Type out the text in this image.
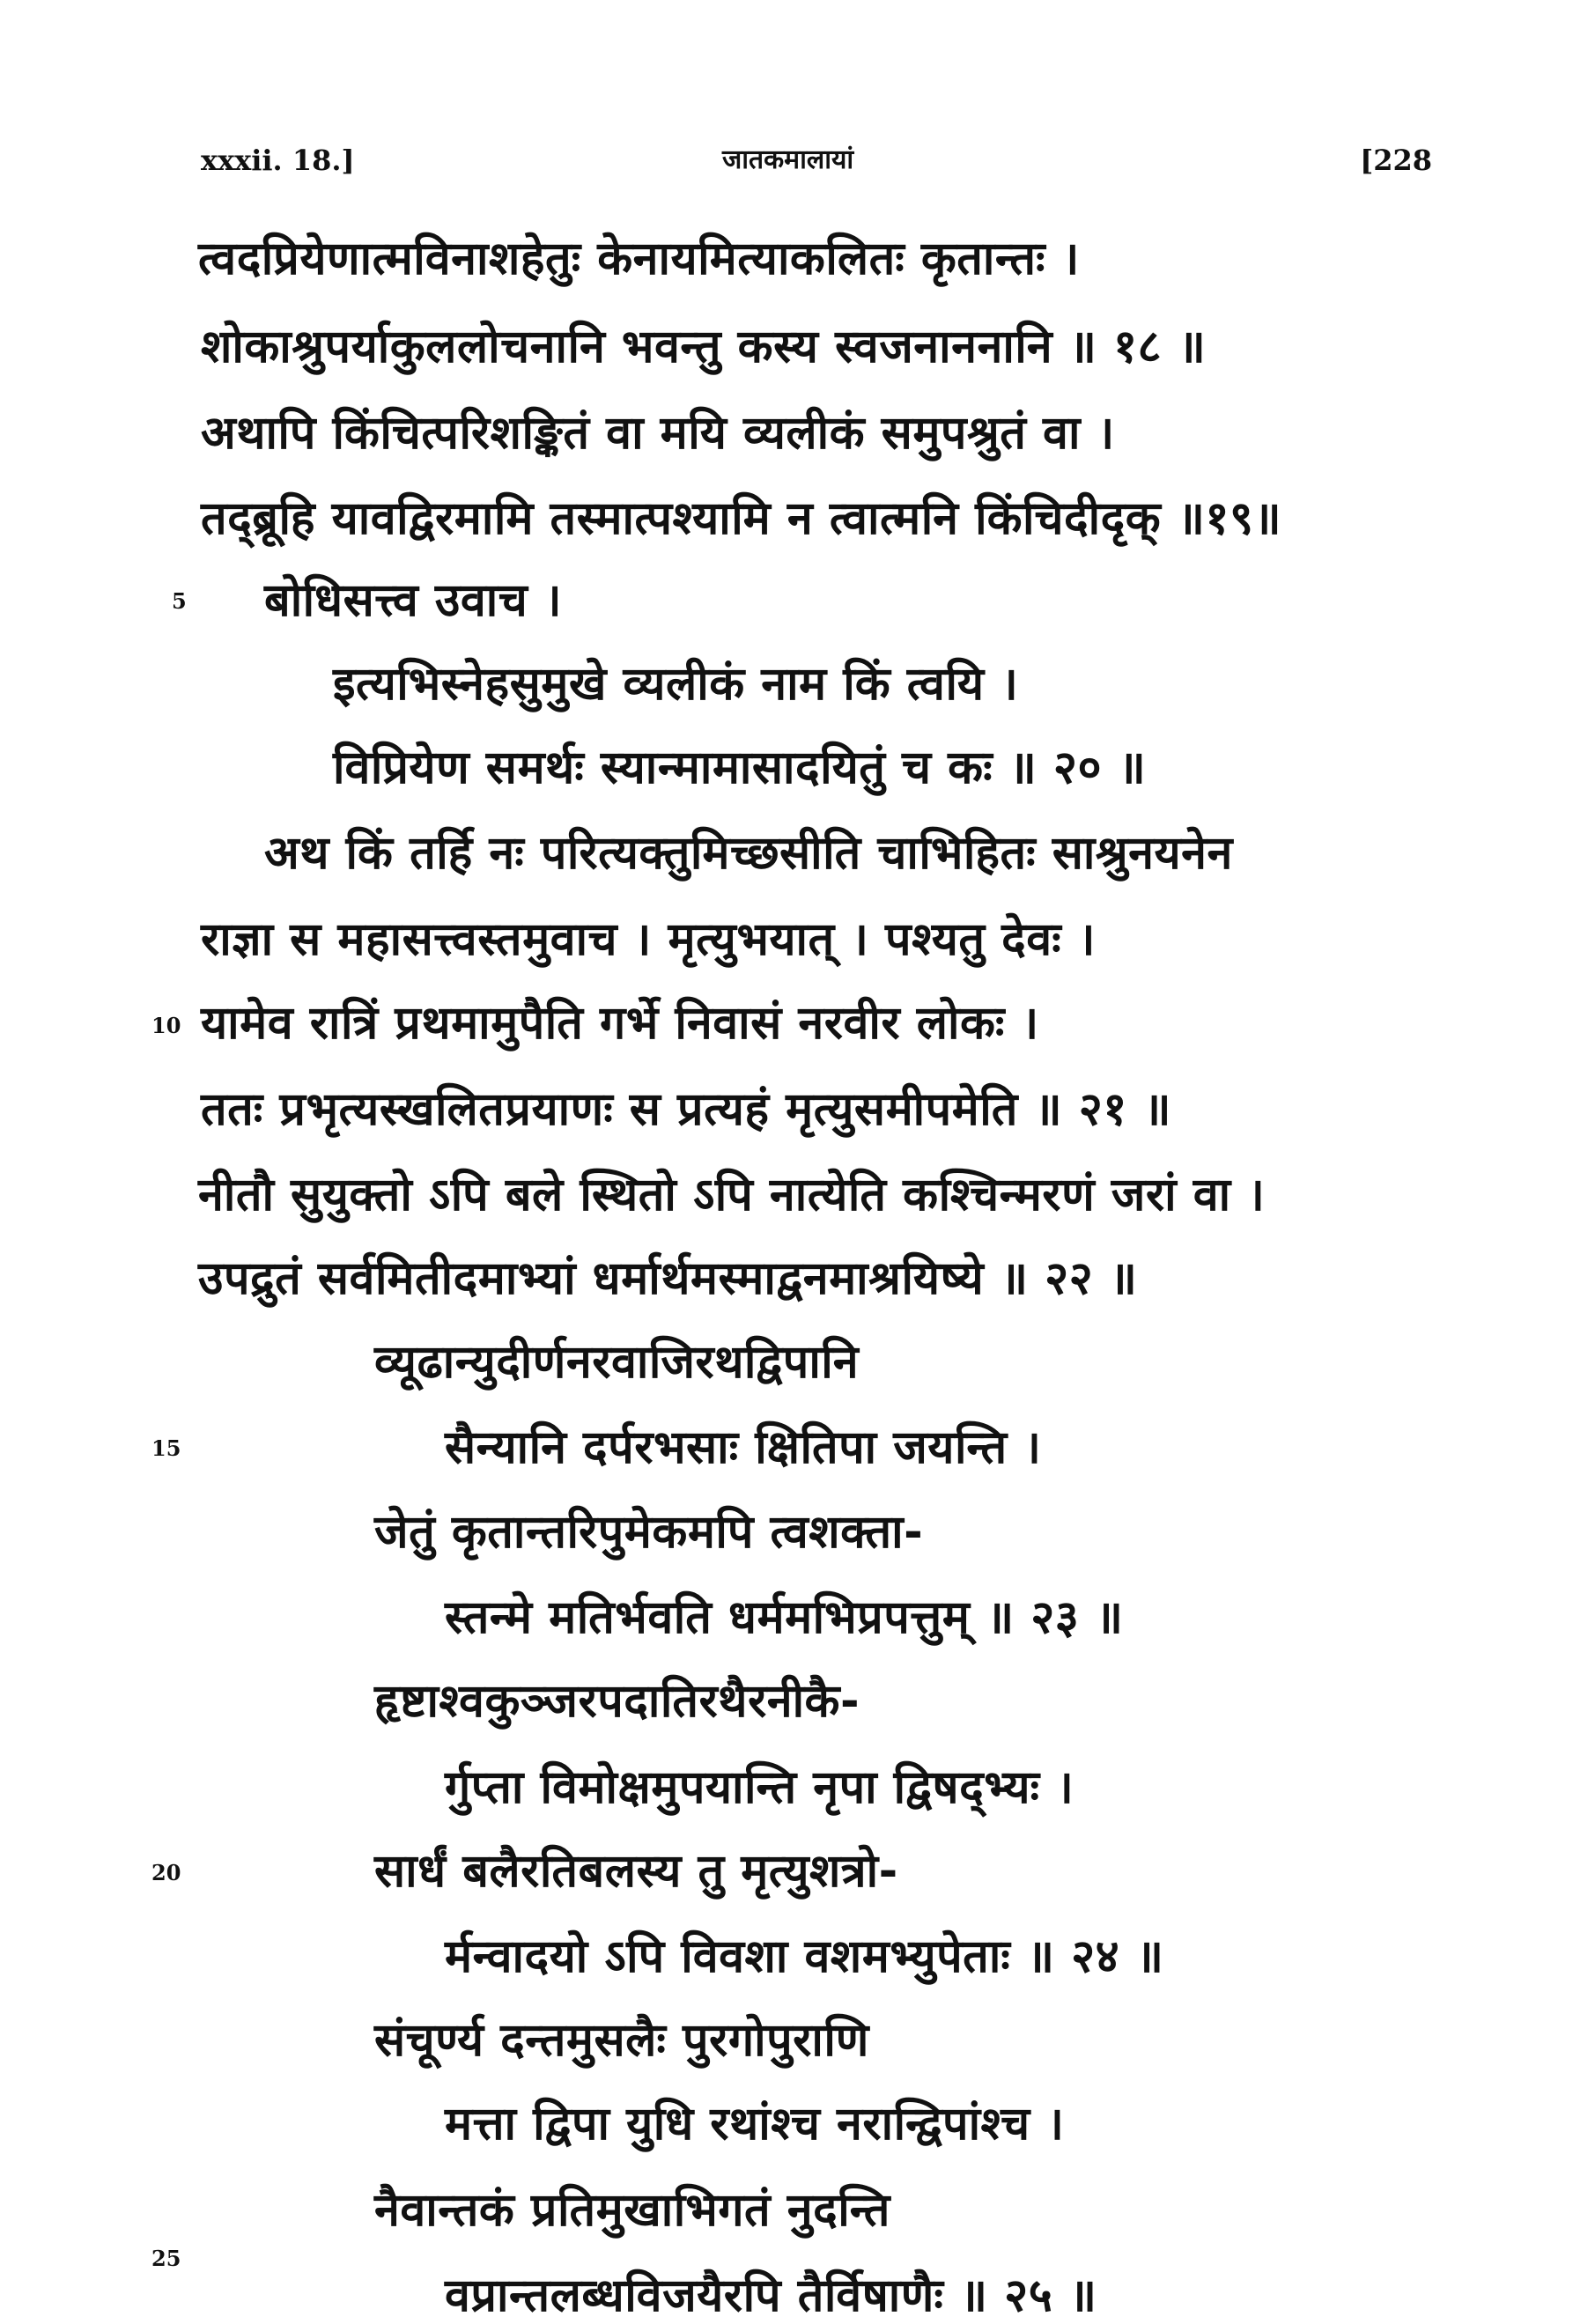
xxxii. 18.]	जातकमालायां	[228
त्वदप्रियेणात्मविनाशहेतुः केनायमित्याकलितः कृतान्तः ।
शोकाश्रुपर्याकुललोचनानि भवन्तु कस्य स्वजनाननानि ॥ १८ ॥
अथापि किंचित्परिशङ्कितं वा मयि व्यलीकं समुपश्रुतं वा ।
तद्ब्रूहि यावद्विरमामि तस्मात्पश्यामि न त्वात्मनि किंचिदीदृक् ॥१९॥
बोधिसत्त्व उवाच ।
इत्यभिस्नेहसुमुखे व्यलीकं नाम किं त्वयि ।
विप्रियेण समर्थः स्यान्मामासादयितुं च कः ॥ २० ॥
अथ किं तर्हि नः परित्यक्तुमिच्छसीति चाभिहितः साश्रुनयनेन
राज्ञा स महासत्त्वस्तमुवाच । मृत्युभयात् । पश्यतु देवः ।
यामेव रात्रिं प्रथमामुपैति गर्भे निवासं नरवीर लोकः ।
ततः प्रभृत्यस्खलितप्रयाणः स प्रत्यहं मृत्युसमीपमेति ॥ २१ ॥
नीतौ सुयुक्तो ऽपि बले स्थितो ऽपि नात्येति कश्चिन्मरणं जरां वा ।
उपद्रुतं सर्वमितीदमाभ्यां धर्मार्थमस्माद्वनमाश्रयिष्ये ॥ २२ ॥
व्यूढान्युदीर्णनरवाजिरथद्विपानि
सैन्यानि दर्परभसाः क्षितिपा जयन्ति ।
जेतुं कृतान्तरिपुमेकमपि त्वशक्ता-
स्तन्मे मतिर्भवति धर्ममभिप्रपत्तुम् ॥ २३ ॥
हृष्टाश्वकुञ्जरपदातिरथैरनीकै-
र्गुप्ता विमोक्षमुपयान्ति नृपा द्विषद्भ्यः ।
सार्धं बलैरतिबलस्य तु मृत्युशत्रो-
र्मन्वादयो ऽपि विवशा वशमभ्युपेताः ॥ २४ ॥
संचूर्ण्य दन्तमुसलैः पुरगोपुराणि
मत्ता द्विपा युधि रथांश्च नरान्द्विपांश्च ।
नैवान्तकं प्रतिमुखाभिगतं नुदन्ति
वप्रान्तलब्धविजयैरपि तैर्विषाणैः ॥ २५ ॥
5
10
15
20
25
